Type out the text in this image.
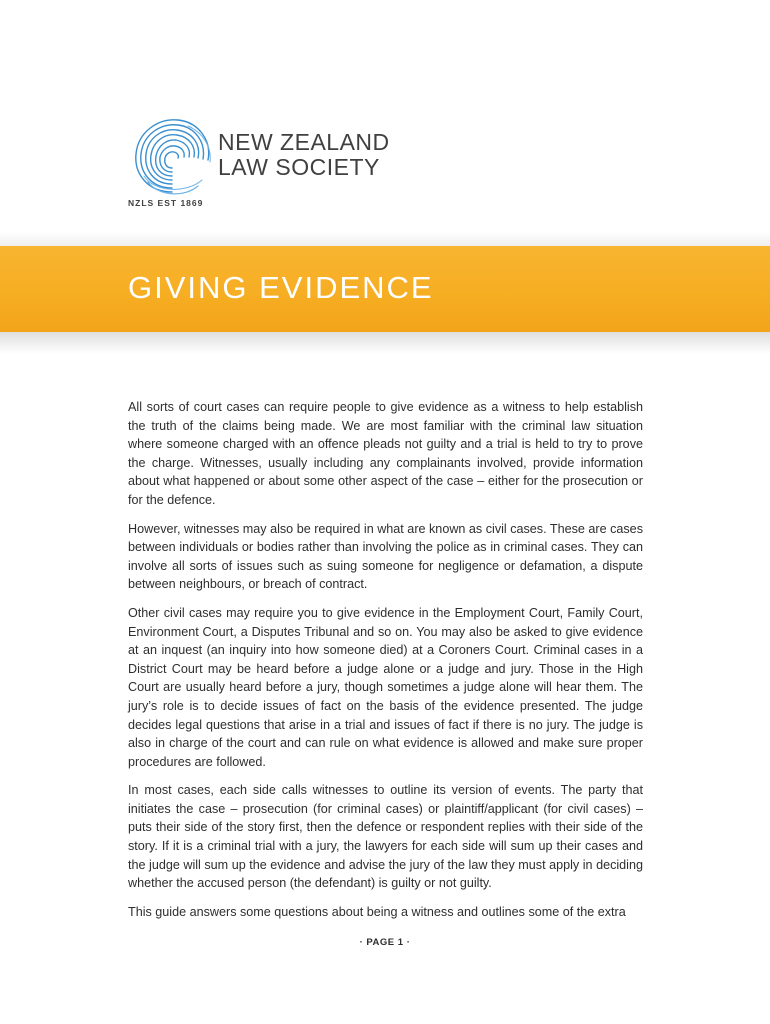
NEW ZEALAND
LAW SOCIETY
NZLS EST 1869
GIVING EVIDENCE

All sorts of court cases can require people to give evidence as a witness to help establish the truth of the claims being made. We are most familiar with the criminal law situation where someone charged with an offence pleads not guilty and a trial is held to try to prove the charge. Witnesses, usually including any complainants involved, provide information about what happened or about some other aspect of the case – either for the prosecution or for the defence.

However, witnesses may also be required in what are known as civil cases. These are cases between individuals or bodies rather than involving the police as in criminal cases. They can involve all sorts of issues such as suing someone for negligence or defamation, a dispute between neighbours, or breach of contract.

Other civil cases may require you to give evidence in the Employment Court, Family Court, Environment Court, a Disputes Tribunal and so on. You may also be asked to give evidence at an inquest (an inquiry into how someone died) at a Coroners Court. Criminal cases in a District Court may be heard before a judge alone or a judge and jury. Those in the High Court are usually heard before a jury, though sometimes a judge alone will hear them. The jury’s role is to decide issues of fact on the basis of the evidence presented. The judge decides legal questions that arise in a trial and issues of fact if there is no jury. The judge is also in charge of the court and can rule on what evidence is allowed and make sure proper procedures are followed.

In most cases, each side calls witnesses to outline its version of events. The party that initiates the case – prosecution (for criminal cases) or plaintiff/applicant (for civil cases) – puts their side of the story first, then the defence or respondent replies with their side of the story. If it is a criminal trial with a jury, the lawyers for each side will sum up their cases and the judge will sum up the evidence and advise the jury of the law they must apply in deciding whether the accused person (the defendant) is guilty or not guilty.

This guide answers some questions about being a witness and outlines some of the extra

· PAGE 1 ·
